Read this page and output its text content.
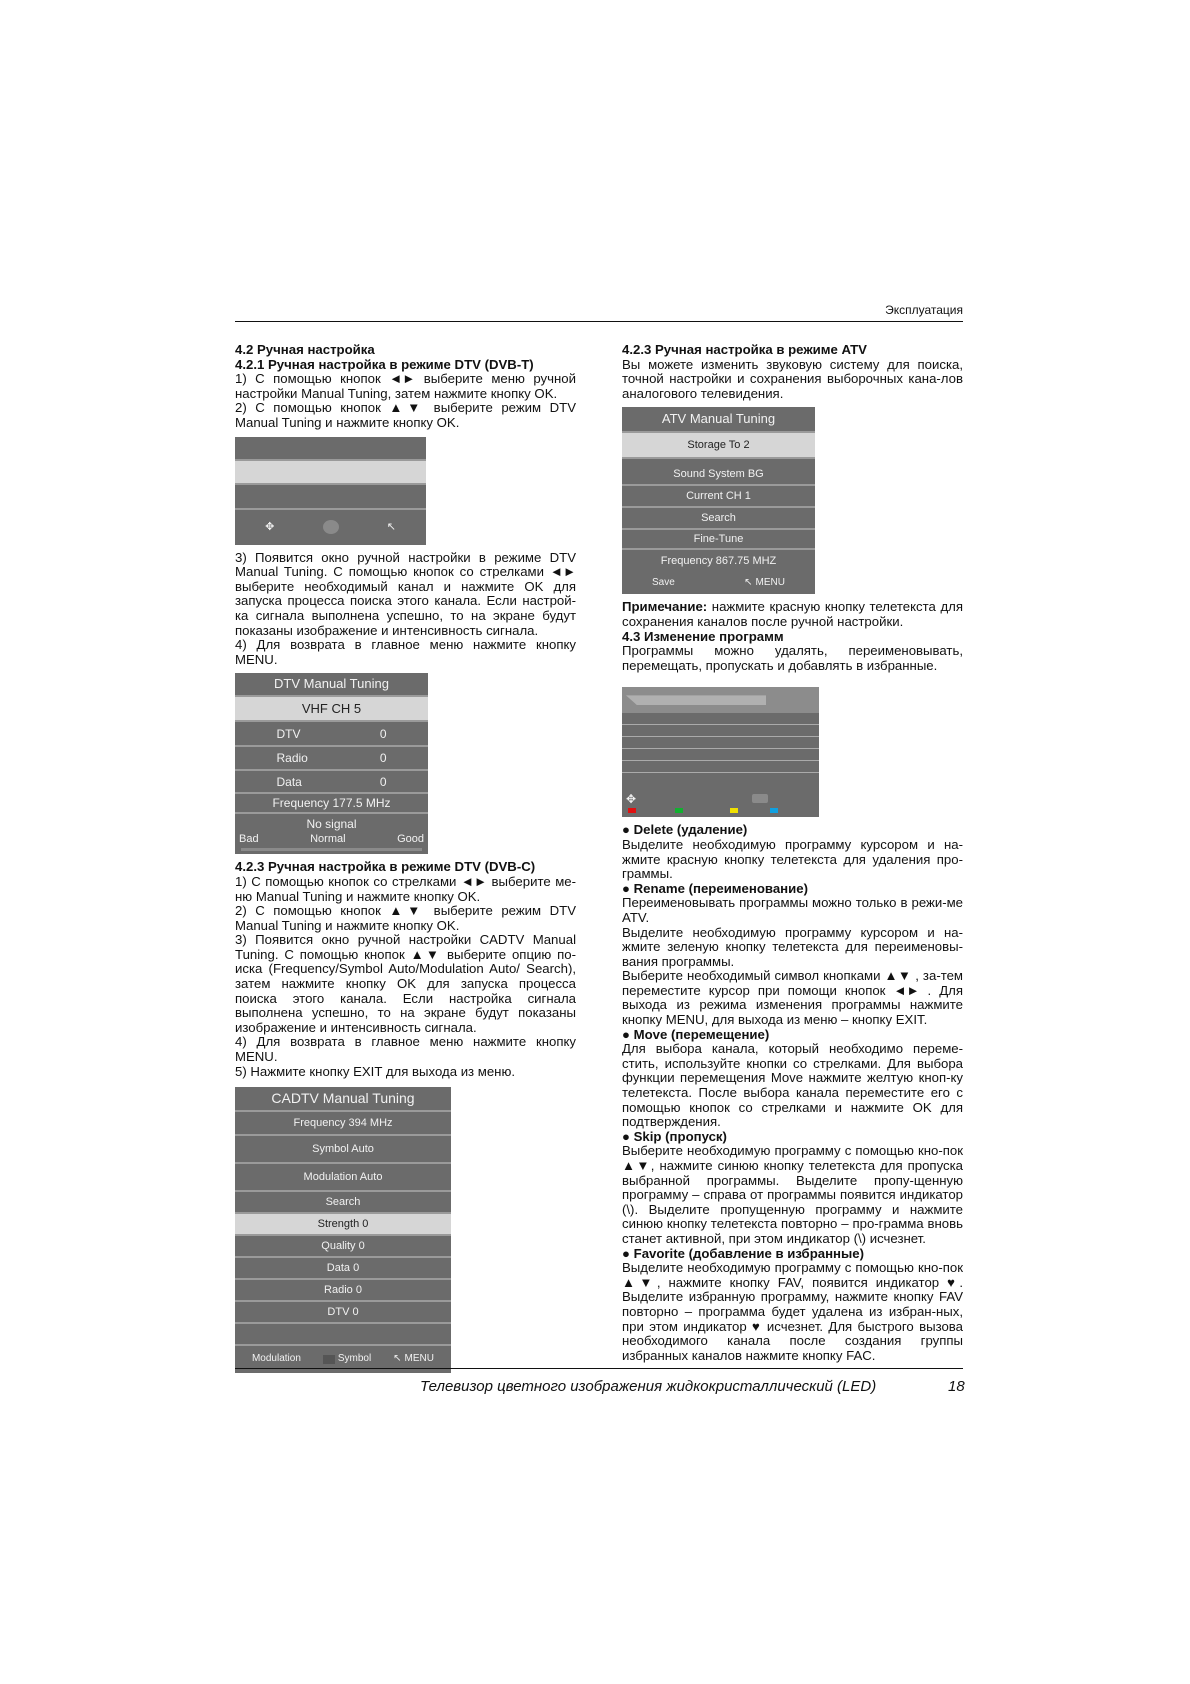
Эксплуатация

4.2 Ручная настройка

4.2.1 Ручная настройка в режиме DTV (DVB-T)

1) С помощью кнопок ◄► выберите меню ручной настройки Manual Tuning, затем нажмите кнопку OK.

2) С помощью кнопок ▲▼ выберите режим DTV Manual Tuning и нажмите кнопку OK.

✥	↖

3) Появится окно ручной настройки в режиме DTV Manual Tuning. С помощью кнопок со стрелками ◄► выберите необходимый канал и нажмите OK для запуска процесса поиска этого канала. Если настрой-ка сигнала выполнена успешно, то на экране будут показаны изображение и интенсивность сигнала.

4) Для возврата в главное меню нажмите кнопку MENU.

DTV Manual Tuning
VHF CH 5
DTV	0
Radio	0
Data	0
Frequency 177.5 MHz
No signal
Bad	Normal	Good

4.2.3 Ручная настройка в режиме DTV (DVB-C)

1) С помощью кнопок со стрелками ◄► выберите ме-ню Manual Tuning и нажмите кнопку OK.

2) С помощью кнопок ▲▼ выберите режим DTV Manual Tuning и нажмите кнопку OK.

3) Появится окно ручной настройки CADTV Manual Tuning. С помощью кнопок ▲▼ выберите опцию по-иска (Frequency/Symbol Auto/Modulation Auto/ Search), затем нажмите кнопку OK для запуска процесса поиска этого канала. Если настройка сигнала выполнена успешно, то на экране будут показаны изображение и интенсивность сигнала.

4) Для возврата в главное меню нажмите кнопку MENU.

5) Нажмите кнопку EXIT для выхода из меню.

CADTV Manual Tuning
Frequency 394 MHz
Symbol Auto
Modulation Auto
Search
Strength 0
Quality 0
Data 0
Radio 0
DTV 0
Modulation	Symbol ↖ MENU

4.2.3 Ручная настройка в режиме ATV

Вы можете изменить звуковую систему для поиска, точной настройки и сохранения выборочных кана-лов аналогового телевидения.

ATV Manual Tuning
Storage To 2
Sound System BG
Current CH 1
Search
Fine-Tune
Frequency 867.75 MHZ
Save	↖ MENU

Примечание: нажмите красную кнопку телетекста для сохранения каналов после ручной настройки.

4.3 Изменение программ

Программы можно удалять, переименовывать, перемещать, пропускать и добавлять в избранные.

✥

● Delete (удаление)

Выделите необходимую программу курсором и на-жмите красную кнопку телетекста для удаления про-граммы.

● Rename (переименование)

Переименовывать программы можно только в режи-ме ATV.

Выделите необходимую программу курсором и на-жмите зеленую кнопку телетекста для переименовы-вания программы.

Выберите необходимый символ кнопками ▲▼ , за-тем переместите курсор при помощи кнопок ◄► . Для выхода из режима изменения программы нажмите кнопку MENU, для выхода из меню – кнопку EXIT.

● Move (перемещение)

Для выбора канала, который необходимо переме-стить, используйте кнопки со стрелками. Для выбора функции перемещения Move нажмите желтую кноп-ку телетекста. После выбора канала переместите его с помощью кнопок со стрелками и нажмите OK для подтверждения.

● Skip (пропуск)

Выберите необходимую программу с помощью кно-пок ▲▼, нажмите синюю кнопку телетекста для пропуска выбранной программы. Выделите пропу-щенную программу – справа от программы появится индикатор (\). Выделите пропущенную программу и нажмите синюю кнопку телетекста повторно – про-грамма вновь станет активной, при этом индикатор (\) исчезнет.

● Favorite (добавление в избранные)

Выделите необходимую программу с помощью кно-пок ▲▼, нажмите кнопку FAV, появится индикатор ♥. Выделите избранную программу, нажмите кнопку FAV повторно – программа будет удалена из избран-ных, при этом индикатор ♥ исчезнет. Для быстрого вызова необходимого канала после создания группы избранных каналов нажмите кнопку FAC.

Телевизор цветного изображения жидкокристаллический (LED)	18
